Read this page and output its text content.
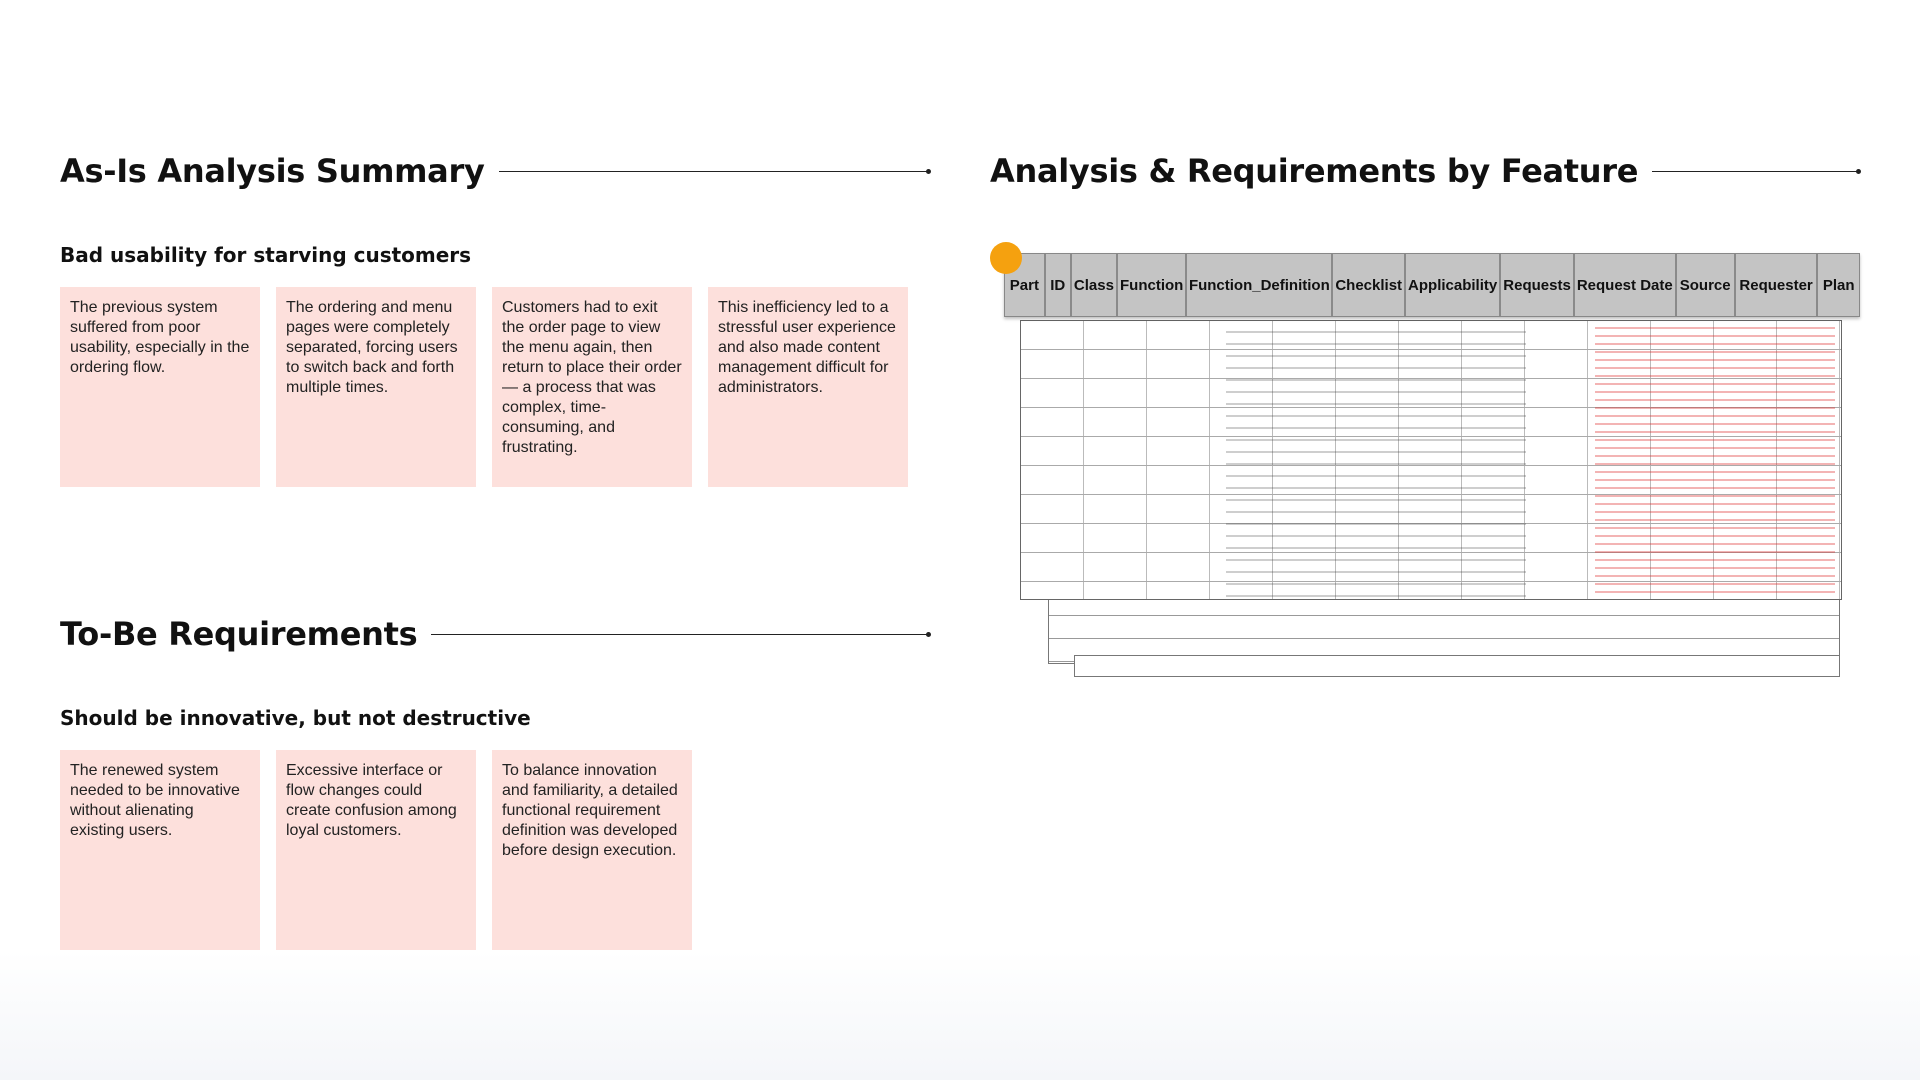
As-Is Analysis Summary
Bad usability for starving customers
The previous system suffered from poor usability, especially in the ordering flow.
The ordering and menu pages were completely separated, forcing users to switch back and forth multiple times.
Customers had to exit the order page to view the menu again, then return to place their order — a process that was complex, time-consuming, and frustrating.
This inefficiency led to a stressful user experience and also made content management difficult for administrators.
To-Be Requirements
Should be innovative, but not destructive
The renewed system needed to be innovative without alienating existing users.
Excessive interface or flow changes could create confusion among loyal customers.
To balance innovation and familiarity, a detailed functional requirement definition was developed before design execution.
Analysis & Requirements by Feature
Part ID Class Function Function_Definition Checklist Applicability Requests Request Date Source Requester Plan
